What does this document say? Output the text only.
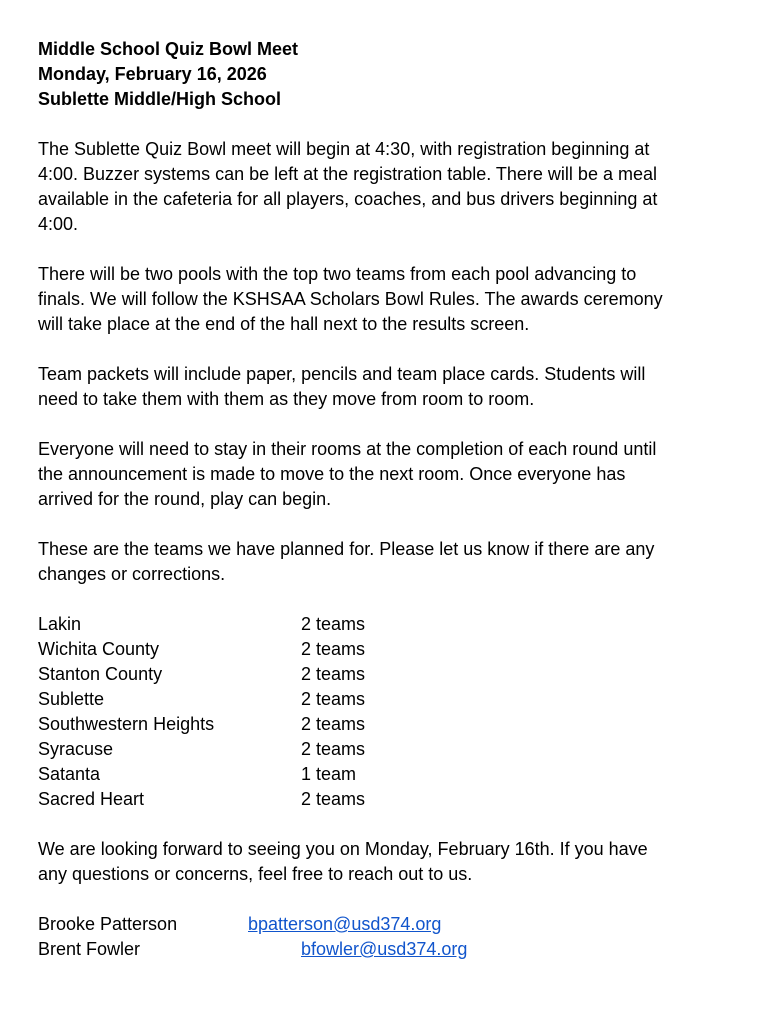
Middle School Quiz Bowl Meet
Monday, February 16, 2026
Sublette Middle/High School

The Sublette Quiz Bowl meet will begin at 4:30, with registration beginning at
4:00. Buzzer systems can be left at the registration table. There will be a meal
available in the cafeteria for all players, coaches, and bus drivers beginning at
4:00.

There will be two pools with the top two teams from each pool advancing to
finals. We will follow the KSHSAA Scholars Bowl Rules. The awards ceremony
will take place at the end of the hall next to the results screen.

Team packets will include paper, pencils and team place cards. Students will
need to take them with them as they move from room to room.

Everyone will need to stay in their rooms at the completion of each round until
the announcement is made to move to the next room. Once everyone has
arrived for the round, play can begin.

These are the teams we have planned for. Please let us know if there are any
changes or corrections.

Lakin	2 teams
Wichita County	2 teams
Stanton County	2 teams
Sublette	2 teams
Southwestern Heights	2 teams
Syracuse	2 teams
Satanta	1 team
Sacred Heart	2 teams

We are looking forward to seeing you on Monday, February 16th. If you have
any questions or concerns, feel free to reach out to us.

Brooke Patterson	bpatterson@usd374.org
Brent Fowler	bfowler@usd374.org
